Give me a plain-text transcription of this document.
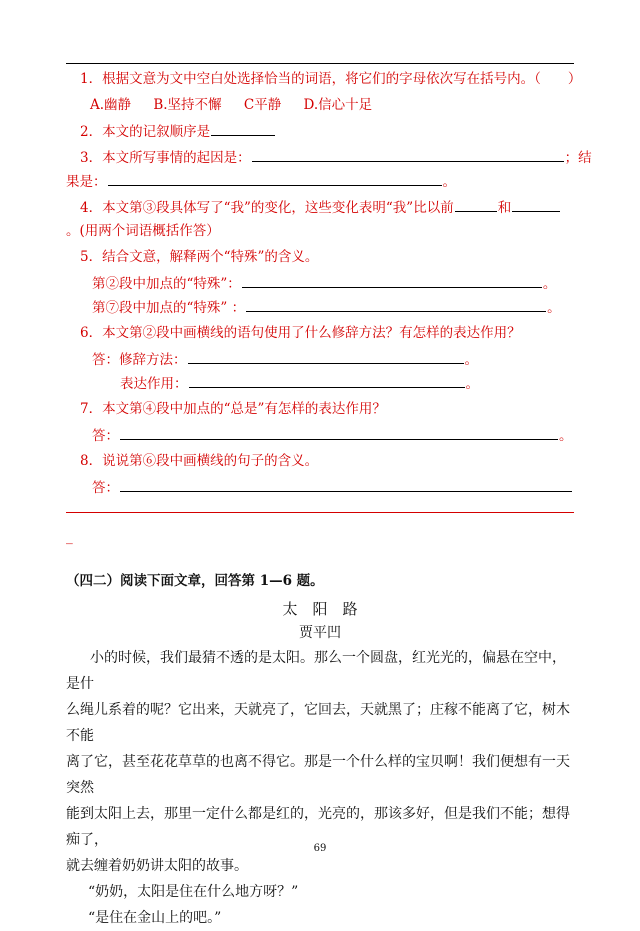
1．根据文意为文中空白处选择恰当的词语，将它们的字母依次写在括号内。（　　）
A.幽静 B.坚持不懈 C平静 D.信心十足
2．本文的记叙顺序是
3．本文所写事情的起因是：	；结
果是：	。
4．本文第③段具体写了“我”的变化，这些变化表明“我”比以前	和
。(用两个词语概括作答）
5．结合文意，解释两个“特殊”的含义。
第②段中加点的“特殊”：	。
第⑦段中加点的“特殊” ：	。
6．本文第②段中画横线的语句使用了什么修辞方法？有怎样的表达作用？
答：修辞方法：	。
表达作用：	。
7．本文第④段中加点的“总是”有怎样的表达作用？
答：	。
8．说说第⑥段中画横线的句子的含义。
答：
_
（四二）阅读下面文章，回答第 1—6 题。
太　阳　路
贾平凹
小的时候，我们最猜不透的是太阳。那么一个圆盘，红光光的，偏悬在空中，是什
么绳儿系着的呢？它出来，天就亮了，它回去，天就黑了；庄稼不能离了它，树木不能
离了它，甚至花花草草的也离不得它。那是一个什么样的宝贝啊！我们便想有一天突然
能到太阳上去，那里一定什么都是红的，光亮的，那该多好，但是我们不能；想得痴了，
就去缠着奶奶讲太阳的故事。
“奶奶，太阳是住在什么地方呀？”
“是住在金山上的吧。”
69
